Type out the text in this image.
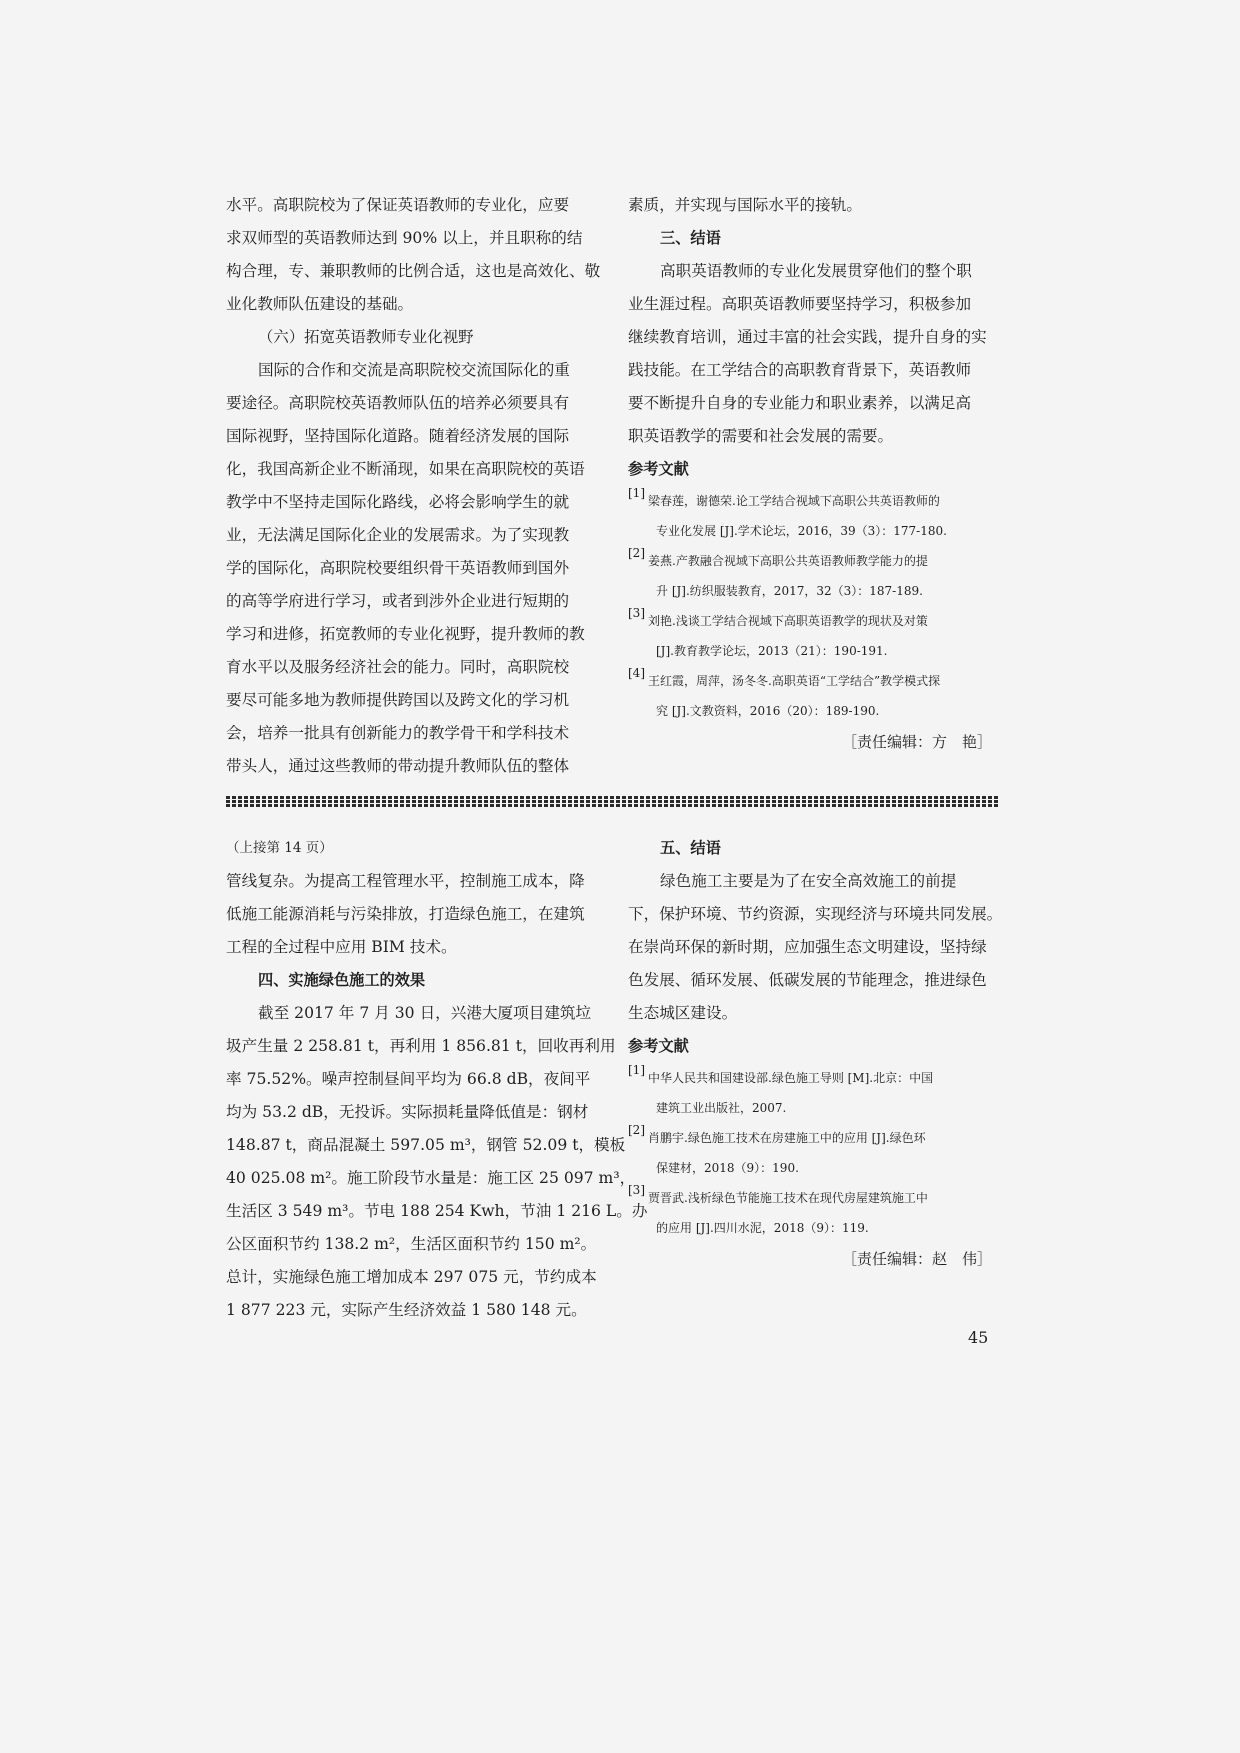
水平。高职院校为了保证英语教师的专业化，应要

求双师型的英语教师达到 90% 以上，并且职称的结

构合理，专、兼职教师的比例合适，这也是高效化、敬

业化教师队伍建设的基础。

（六）拓宽英语教师专业化视野

国际的合作和交流是高职院校交流国际化的重

要途径。高职院校英语教师队伍的培养必须要具有

国际视野，坚持国际化道路。随着经济发展的国际

化，我国高新企业不断涌现，如果在高职院校的英语

教学中不坚持走国际化路线，必将会影响学生的就

业，无法满足国际化企业的发展需求。为了实现教

学的国际化，高职院校要组织骨干英语教师到国外

的高等学府进行学习，或者到涉外企业进行短期的

学习和进修，拓宽教师的专业化视野，提升教师的教

育水平以及服务经济社会的能力。同时，高职院校

要尽可能多地为教师提供跨国以及跨文化的学习机

会，培养一批具有创新能力的教学骨干和学科技术

带头人，通过这些教师的带动提升教师队伍的整体

素质，并实现与国际水平的接轨。

三、结语

高职英语教师的专业化发展贯穿他们的整个职

业生涯过程。高职英语教师要坚持学习，积极参加

继续教育培训，通过丰富的社会实践，提升自身的实

践技能。在工学结合的高职教育背景下，英语教师

要不断提升自身的专业能力和职业素养，以满足高

职英语教学的需要和社会发展的需要。

参考文献

[1]

梁春莲，谢德荣.论工学结合视域下高职公共英语教师的

专业化发展 [J].学术论坛，2016，39（3）：177-180.

[2]

姜燕.产教融合视域下高职公共英语教师教学能力的提

升 [J].纺织服装教育，2017，32（3）：187-189.

[3]

刘艳.浅谈工学结合视域下高职英语教学的现状及对策

[J].教育教学论坛，2013（21）：190-191.

[4]

王红霞，周萍，汤冬冬.高职英语“工学结合”教学模式探

究 [J].文教资料，2016（20）：189-190.

［责任编辑：方　艳］

（上接第 14 页）

管线复杂。为提高工程管理水平，控制施工成本，降

低施工能源消耗与污染排放，打造绿色施工，在建筑

工程的全过程中应用 BIM 技术。

四、实施绿色施工的效果

截至 2017 年 7 月 30 日，兴港大厦项目建筑垃

圾产生量 2 258.81 t，再利用 1 856.81 t，回收再利用

率 75.52%。噪声控制昼间平均为 66.8 dB，夜间平

均为 53.2 dB，无投诉。实际损耗量降低值是：钢材

148.87 t，商品混凝土 597.05 m³，钢管 52.09 t，模板

40 025.08 m²。施工阶段节水量是：施工区 25 097 m³，

生活区 3 549 m³。节电 188 254 Kwh，节油 1 216 L。办

公区面积节约 138.2 m²，生活区面积节约 150 m²。

总计，实施绿色施工增加成本 297 075 元，节约成本

1 877 223 元，实际产生经济效益 1 580 148 元。

五、结语

绿色施工主要是为了在安全高效施工的前提

下，保护环境、节约资源，实现经济与环境共同发展。

在崇尚环保的新时期，应加强生态文明建设，坚持绿

色发展、循环发展、低碳发展的节能理念，推进绿色

生态城区建设。

参考文献

[1]

中华人民共和国建设部.绿色施工导则 [M].北京：中国

建筑工业出版社，2007.

[2]

肖鹏宇.绿色施工技术在房建施工中的应用 [J].绿色环

保建材，2018（9）：190.

[3]

贾晋武.浅析绿色节能施工技术在现代房屋建筑施工中

的应用 [J].四川水泥，2018（9）：119.

［责任编辑：赵　伟］

45
